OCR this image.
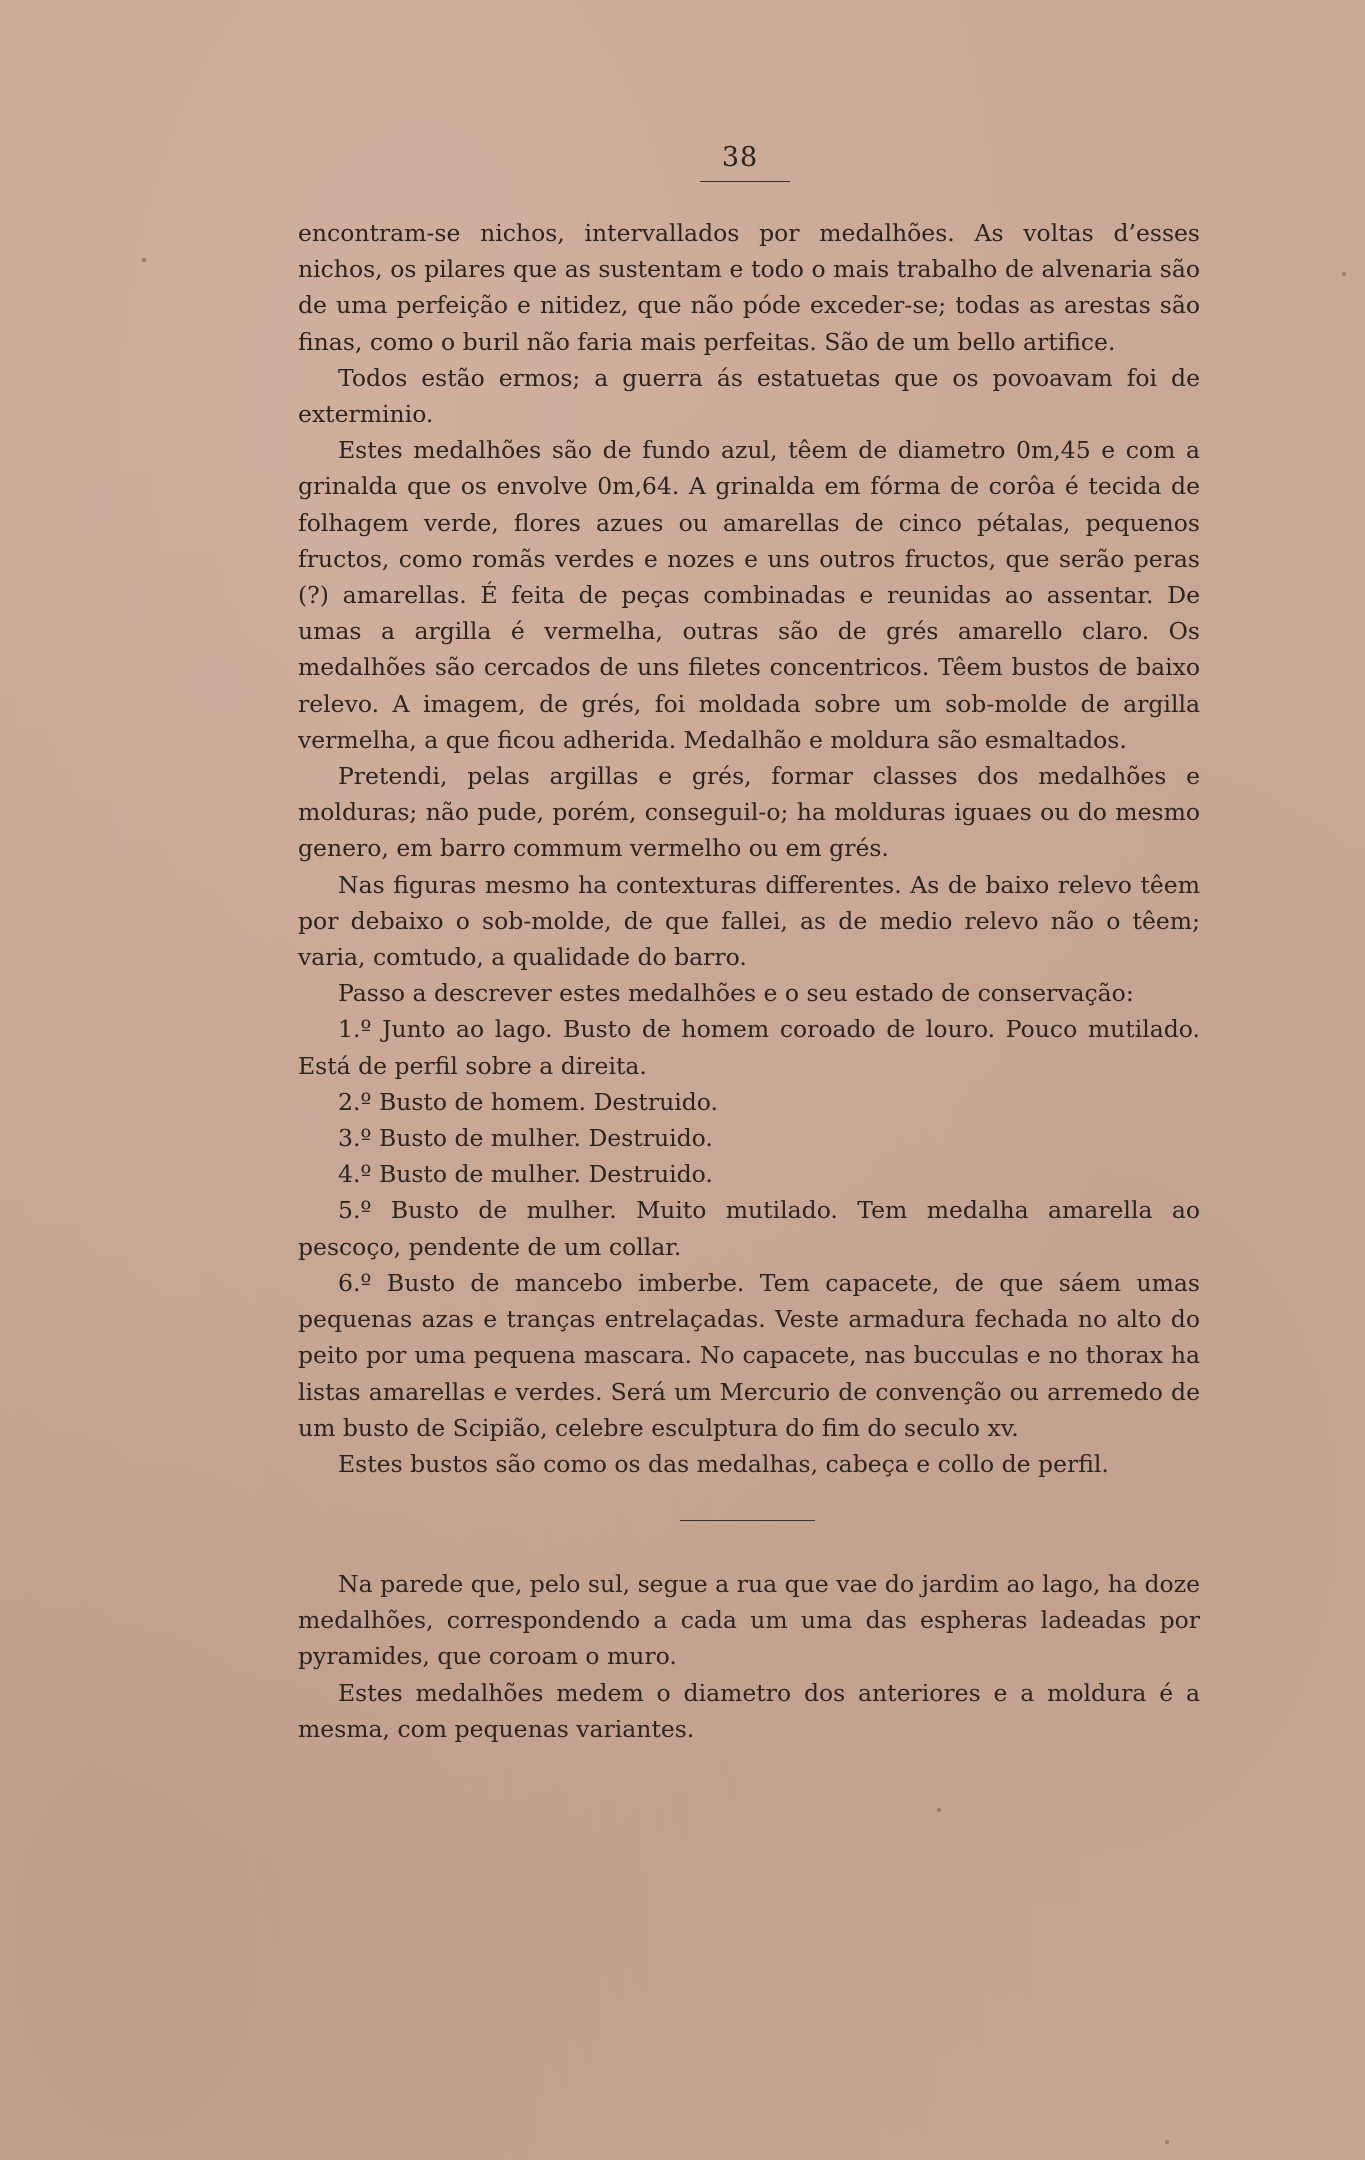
38

encontram-se nichos, intervallados por medalhões. As voltas d’esses nichos, os pilares que as sustentam e todo o mais trabalho de alvenaria são de uma perfeição e nitidez, que não póde exceder-se; todas as arestas são finas, como o buril não faria mais perfeitas. São de um bello artifice.

Todos estão ermos; a guerra ás estatuetas que os povoavam foi de exterminio.

Estes medalhões são de fundo azul, têem de diametro 0m,45 e com a grinalda que os envolve 0m,64. A grinalda em fórma de corôa é tecida de folhagem verde, flores azues ou amarellas de cinco pétalas, pequenos fructos, como romãs verdes e nozes e uns outros fructos, que serão peras (?) amarellas. É feita de peças combinadas e reunidas ao assentar. De umas a argilla é vermelha, outras são de grés amarello claro. Os medalhões são cercados de uns filetes concentricos. Têem bustos de baixo relevo. A imagem, de grés, foi moldada sobre um sob-molde de argilla vermelha, a que ficou adherida. Medalhão e moldura são esmaltados.

Pretendi, pelas argillas e grés, formar classes dos medalhões e molduras; não pude, porém, conseguil-o; ha molduras iguaes ou do mesmo genero, em barro commum vermelho ou em grés.

Nas figuras mesmo ha contexturas differentes. As de baixo relevo têem por debaixo o sob-molde, de que fallei, as de medio relevo não o têem; varia, comtudo, a qualidade do barro.

Passo a descrever estes medalhões e o seu estado de conservação:

1.º Junto ao lago. Busto de homem coroado de louro. Pouco mutilado. Está de perfil sobre a direita.

2.º Busto de homem. Destruido.

3.º Busto de mulher. Destruido.

4.º Busto de mulher. Destruido.

5.º Busto de mulher. Muito mutilado. Tem medalha amarella ao pescoço, pendente de um collar.

6.º Busto de mancebo imberbe. Tem capacete, de que sáem umas pequenas azas e tranças entrelaçadas. Veste armadura fechada no alto do peito por uma pequena mascara. No capacete, nas bucculas e no thorax ha listas amarellas e verdes. Será um Mercurio de convenção ou arremedo de um busto de Scipião, celebre esculptura do fim do seculo xv.

Estes bustos são como os das medalhas, cabeça e collo de perfil.

Na parede que, pelo sul, segue a rua que vae do jardim ao lago, ha doze medalhões, correspondendo a cada um uma das espheras ladeadas por pyramides, que coroam o muro.

Estes medalhões medem o diametro dos anteriores e a moldura é a mesma, com pequenas variantes.
